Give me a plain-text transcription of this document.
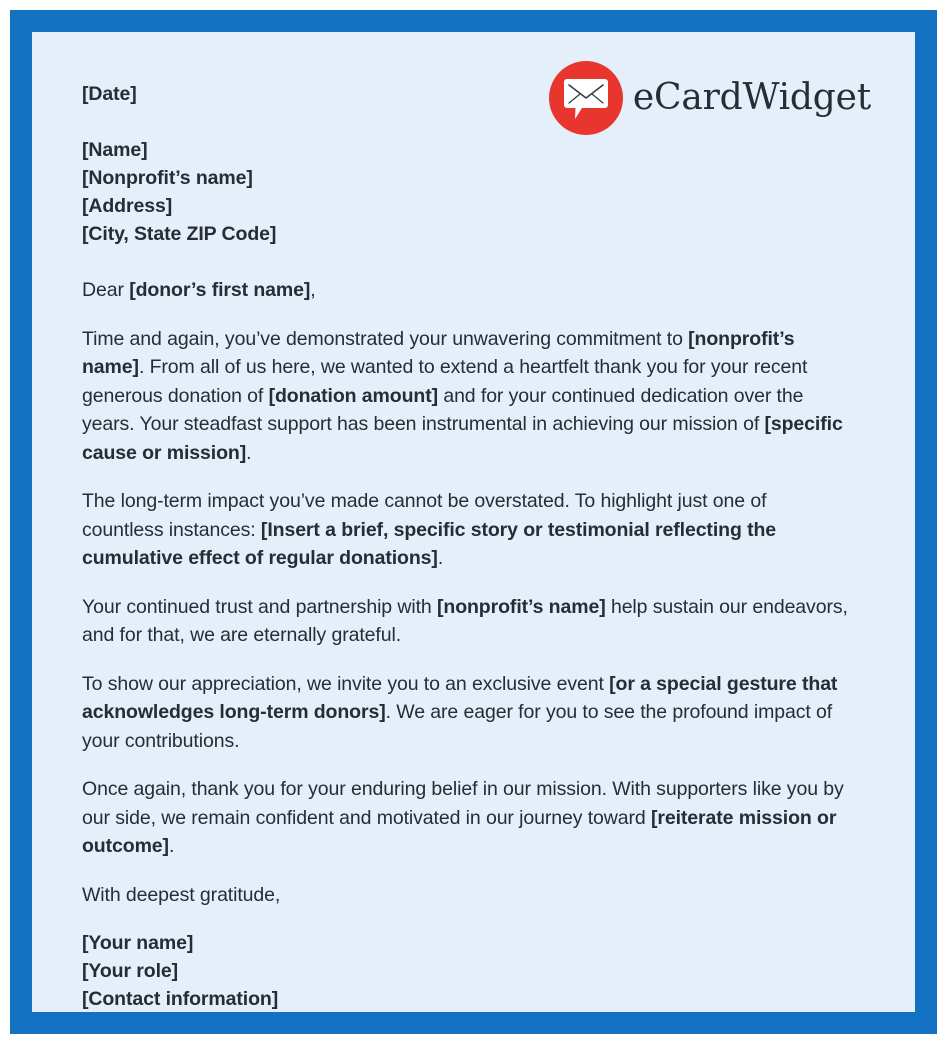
eCardWidget
[Date]
[Name]
[Nonprofit’s name]
[Address]
[City, State ZIP Code]

Dear [donor’s first name],

Time and again, you’ve demonstrated your unwavering commitment to [nonprofit’s name]. From all of us here, we wanted to extend a heartfelt thank you for your recent generous donation of [donation amount] and for your continued dedication over the years. Your steadfast support has been instrumental in achieving our mission of [specific cause or mission].

The long-term impact you’ve made cannot be overstated. To highlight just one of countless instances: [Insert a brief, specific story or testimonial reflecting the cumulative effect of regular donations].

Your continued trust and partnership with [nonprofit’s name] help sustain our endeavors, and for that, we are eternally grateful.

To show our appreciation, we invite you to an exclusive event [or a special gesture that acknowledges long-term donors]. We are eager for you to see the profound impact of your contributions.

Once again, thank you for your enduring belief in our mission. With supporters like you by our side, we remain confident and motivated in our journey toward [reiterate mission or outcome].

With deepest gratitude,

[Your name]
[Your role]
[Contact information]
